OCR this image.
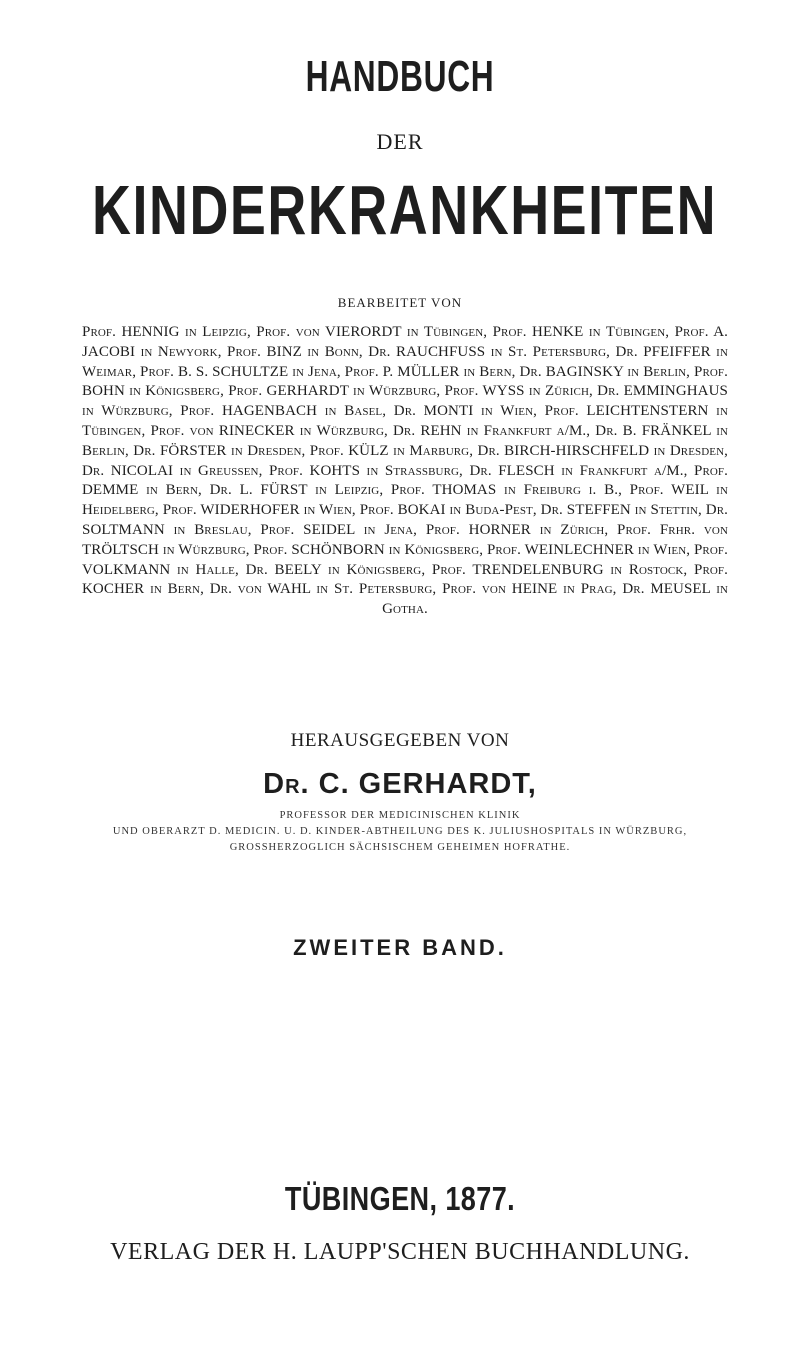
HANDBUCH
DER
KINDERKRANKHEITEN
BEARBEITET VON
Prof. HENNIG in Leipzig, Prof. von VIERORDT in Tübingen, Prof. HENKE in Tübingen, Prof. A. JACOBI in Newyork, Prof. BINZ in Bonn, Dr. RAUCHFUSS in St. Petersburg, Dr. PFEIFFER in Weimar, Prof. B. S. SCHULTZE in Jena, Prof. P. MÜLLER in Bern, Dr. BAGINSKY in Berlin, Prof. BOHN in Königsberg, Prof. GERHARDT in Würzburg, Prof. WYSS in Zürich, Dr. EMMINGHAUS in Würzburg, Prof. HAGENBACH in Basel, Dr. MONTI in Wien, Prof. LEICHTENSTERN in Tübingen, Prof. von RINECKER in Würzburg, Dr. REHN in Frankfurt a/M., Dr. B. FRÄNKEL in Berlin, Dr. FÖRSTER in Dresden, Prof. KÜLZ in Marburg, Dr. BIRCH-HIRSCHFELD in Dresden, Dr. NICOLAI in Greussen, Prof. KOHTS in Strassburg, Dr. FLESCH in Frankfurt a/M., Prof. DEMME in Bern, Dr. L. FÜRST in Leipzig, Prof. THOMAS in Freiburg i. B., Prof. WEIL in Heidelberg, Prof. WIDERHOFER in Wien, Prof. BOKAI in Buda-Pest, Dr. STEFFEN in Stettin, Dr. SOLTMANN in Breslau, Prof. SEIDEL in Jena, Prof. HORNER in Zürich, Prof. Frhr. von TRÖLTSCH in Würzburg, Prof. SCHÖNBORN in Königsberg, Prof. WEINLECHNER in Wien, Prof. VOLKMANN in Halle, Dr. BEELY in Königsberg, Prof. TRENDELENBURG in Rostock, Prof. KOCHER in Bern, Dr. von WAHL in St. Petersburg, Prof. von HEINE in Prag, Dr. MEUSEL in Gotha.
HERAUSGEGEBEN VON
Dr. C. GERHARDT,
PROFESSOR DER MEDICINISCHEN KLINIK
UND OBERARZT D. MEDICIN. U. D. KINDER-ABTHEILUNG DES K. JULIUSHOSPITALS IN WÜRZBURG,
GROSSHERZOGLICH SÄCHSISCHEM GEHEIMEN HOFRATHE.
ZWEITER BAND.
TÜBINGEN, 1877.
VERLAG DER H. LAUPP'SCHEN BUCHHANDLUNG.
